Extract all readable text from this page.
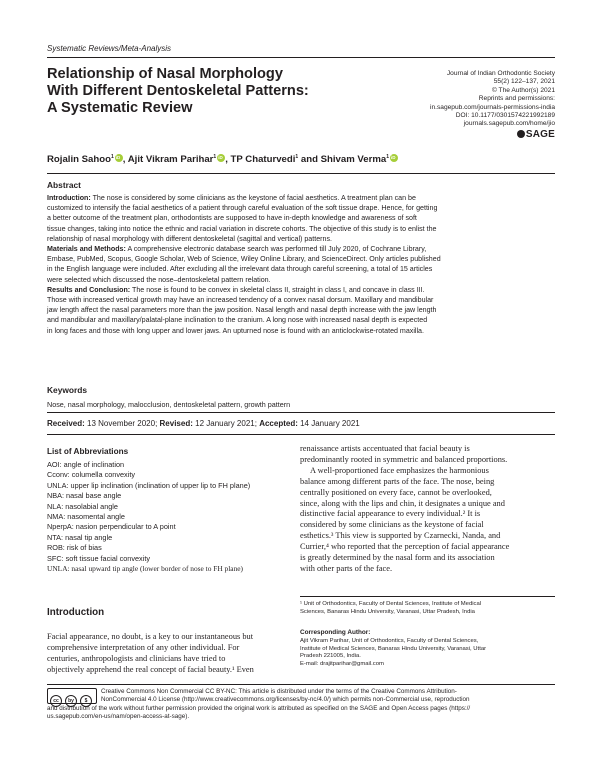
Systematic Reviews/Meta-Analysis
Relationship of Nasal Morphology
With Different Dentoskeletal Patterns:
A Systematic Review
Journal of Indian Orthodontic Society
55(2) 122–137, 2021
© The Author(s) 2021
Reprints and permissions:
in.sagepub.com/journals-permissions-india
DOI: 10.1177/0301574221992189
journals.sagepub.com/home/jio
SAGE
Rojalin Sahoo$^1$ iD , Ajit Vikram Parihar$^1$ iD , TP Chaturvedi$^1$ and Shivam Verma$^1$iD
Abstract
Introduction: The nose is considered by some clinicians as the keystone of facial aesthetics. A treatment plan can be
customized to intensify the facial aesthetics of a patient through careful evaluation of the soft tissue drape. Hence, for getting
a better outcome of the treatment plan, orthodontists are supposed to have in-depth knowledge and awareness of soft
tissue changes, taking into notice the ethnic and racial variation in discrete cohorts. The objective of this study is to enlist the
relationship of nasal morphology with different dentoskeletal (sagittal and vertical) patterns.
Materials and Methods: A comprehensive electronic database search was performed till July 2020, of Cochrane Library,
Embase, PubMed, Scopus, Google Scholar, Web of Science, Wiley Online Library, and ScienceDirect. Only articles published
in the English language were included. After excluding all the irrelevant data through careful screening, a total of 15 articles
were selected which discussed the nose–dentoskeletal pattern relation.
Results and Conclusion: The nose is found to be convex in skeletal class II, straight in class I, and concave in class III.
Those with increased vertical growth may have an increased tendency of a convex nasal dorsum. Maxillary and mandibular
jaw length affect the nasal parameters more than the jaw position. Nasal length and nasal depth increase with the jaw length
and mandibular and maxillary/palatal-plane inclination to the cranium. A long nose with increased nasal depth is expected
in long faces and those with long upper and lower jaws. An upturned nose is found with an anticlockwise-rotated maxilla.
Keywords
Nose, nasal morphology, malocclusion, dentoskeletal pattern, growth pattern
Received: 13 November 2020; Revised: 12 January 2021; Accepted: 14 January 2021
List of Abbreviations
AOI: angle of inclination
Cconv: columella convexity
UNLA: upper lip inclination (inclination of upper lip to FH plane)
NBA: nasal base angle
NLA: nasolabial angle
NMA: nasomental angle
NperpA: nasion perpendicular to A point
NTA: nasal tip angle
ROB: risk of bias
SFC: soft tissue facial convexity
UNLA: nasal upward tip angle (lower border of nose to FH plane)
Introduction
Facial appearance, no doubt, is a key to our instantaneous but
comprehensive interpretation of any other individual. For
centuries, anthropologists and clinicians have tried to
objectively apprehend the real concept of facial beauty.¹ Even
renaissance artists accentuated that facial beauty is
predominantly rooted in symmetric and balanced proportions.
A well-proportioned face emphasizes the harmonious
balance among different parts of the face. The nose, being
centrally positioned on every face, cannot be overlooked,
since, along with the lips and chin, it designates a unique and
distinctive facial appearance to every individual.² It is
considered by some clinicians as the keystone of facial
esthetics.³ This view is supported by Czarnecki, Nanda, and
Currier,⁴ who reported that the perception of facial appearance
is greatly determined by the nasal form and its association
with other parts of the face.
¹ Unit of Orthodontics, Faculty of Dental Sciences, Institute of Medical
Sciences, Banaras Hindu University, Varanasi, Uttar Pradesh, India
Corresponding Author:
Ajit Vikram Parihar, Unit of Orthodontics, Faculty of Dental Sciences,
Institute of Medical Sciences, Banaras Hindu University, Varanasi, Uttar
Pradesh 221005, India.
E-mail: drajitparihar@gmail.com
cc by $
Creative Commons Non Commercial CC BY-NC: This article is distributed under the terms of the Creative Commons Attribution-
NonCommercial 4.0 License (http://www.creativecommons.org/licenses/by-nc/4.0/) which permits non-Commercial use, reproduction
and distribution of the work without further permission provided the original work is attributed as specified on the SAGE and Open Access pages (https://
us.sagepub.com/en-us/nam/open-access-at-sage).
